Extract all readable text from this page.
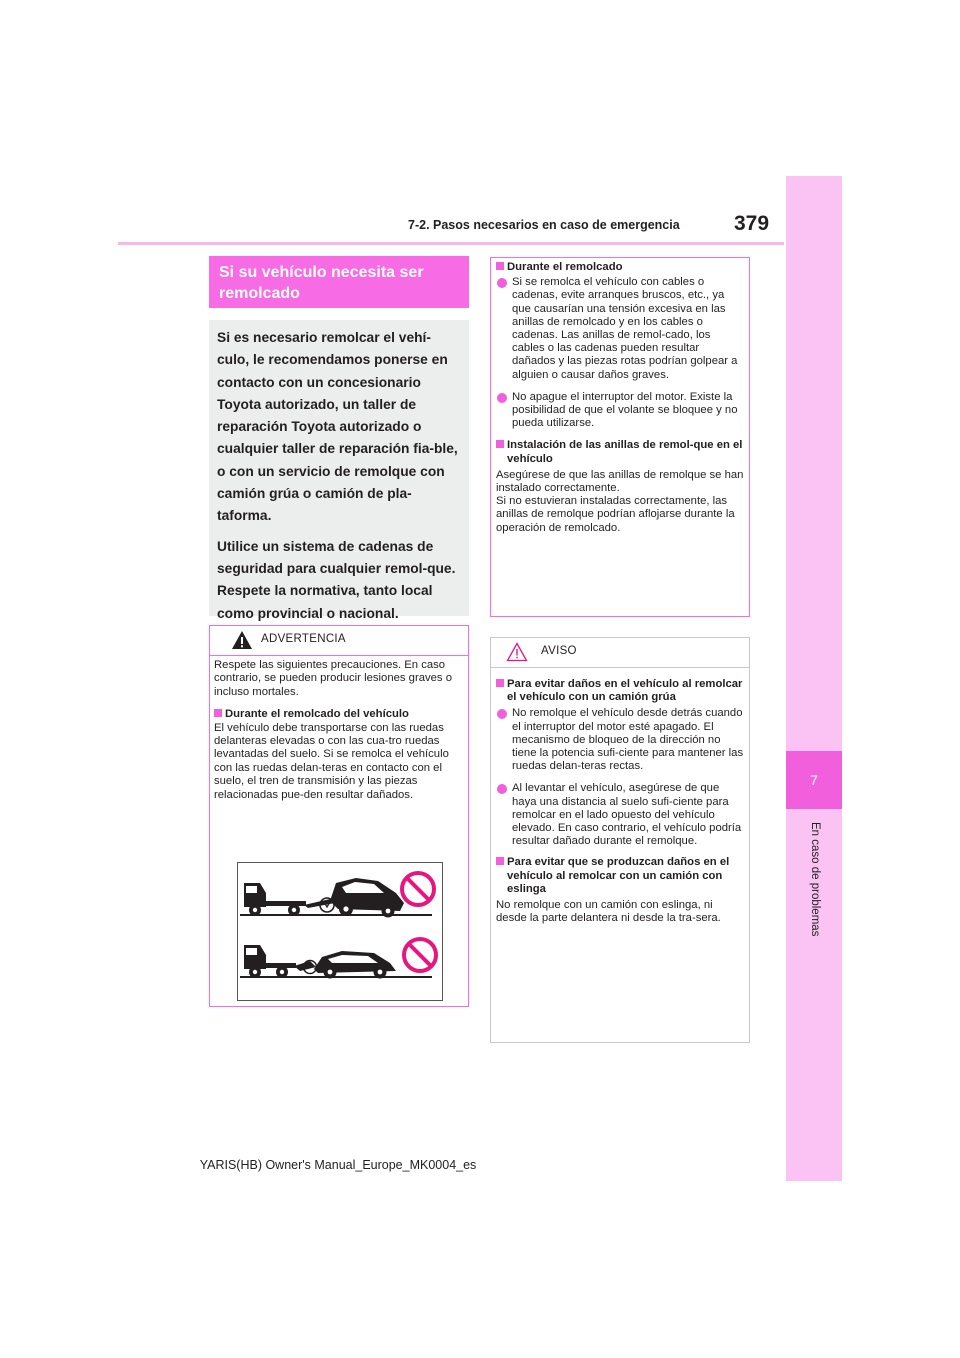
7-2. Pasos necesarios en caso de emergencia	379
7
En caso de problemas
Si su vehículo necesita ser remolcado

Si es necesario remolcar el vehí-culo, le recomendamos ponerse en contacto con un concesionario Toyota autorizado, un taller de reparación Toyota autorizado o cualquier taller de reparación fia-ble, o con un servicio de remolque con camión grúa o camión de pla-taforma.

Utilice un sistema de cadenas de seguridad para cualquier remol-que. Respete la normativa, tanto local como provincial o nacional.

ADVERTENCIA

Respete las siguientes precauciones. En caso contrario, se pueden producir lesiones graves o incluso mortales.

Durante el remolcado del vehículo

El vehículo debe transportarse con las ruedas delanteras elevadas o con las cua-tro ruedas levantadas del suelo. Si se remolca el vehículo con las ruedas delan-teras en contacto con el suelo, el tren de transmisión y las piezas relacionadas pue-den resultar dañados.

Durante el remolcado

Si se remolca el vehículo con cables o cadenas, evite arranques bruscos, etc., ya que causarían una tensión excesiva en las anillas de remolcado y en los cables o cadenas. Las anillas de remol-cado, los cables o las cadenas pueden resultar dañados y las piezas rotas podrían golpear a alguien o causar daños graves.
No apague el interruptor del motor. Existe la posibilidad de que el volante se bloquee y no pueda utilizarse.

Instalación de las anillas de remol-que en el vehículo

Asegúrese de que las anillas de remolque se han instalado correctamente.

Si no estuvieran instaladas correctamente, las anillas de remolque podrían aflojarse durante la operación de remolcado.

AVISO

Para evitar daños en el vehículo al remolcar el vehículo con un camión grúa

No remolque el vehículo desde detrás cuando el interruptor del motor esté apagado. El mecanismo de bloqueo de la dirección no tiene la potencia sufi-ciente para mantener las ruedas delan-teras rectas.
Al levantar el vehículo, asegúrese de que haya una distancia al suelo sufi-ciente para remolcar en el lado opuesto del vehículo elevado. En caso contrario, el vehículo podría resultar dañado durante el remolque.

Para evitar que se produzcan daños en el vehículo al remolcar con un camión con eslinga

No remolque con un camión con eslinga, ni desde la parte delantera ni desde la tra-sera.

YARIS(HB) Owner's Manual_Europe_MK0004_es
